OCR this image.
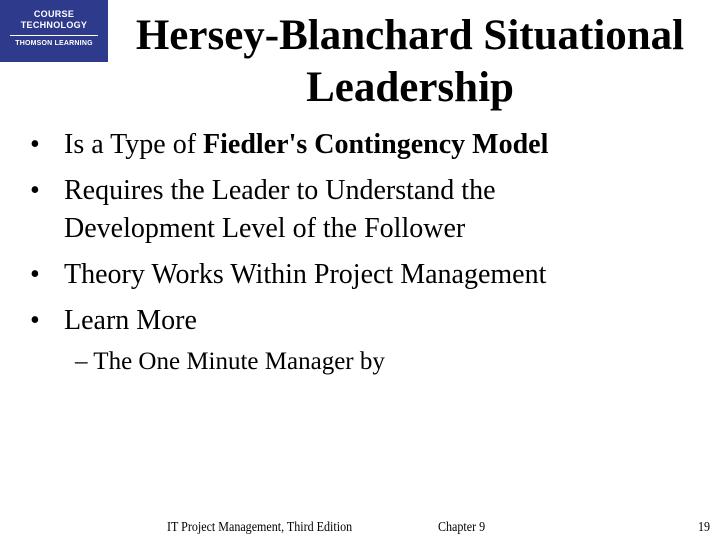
COURSE
TECHNOLOGY
THOMSON LEARNING	Hersey-Blanchard Situational
Leadership
• Is a Type of Fiedler's Contingency Model
• Requires the Leader to Understand the
Development Level of the Follower
• Theory Works Within Project Management
• Learn More
– The One Minute Manager by
IT Project Management, Third Edition	Chapter 9	19
